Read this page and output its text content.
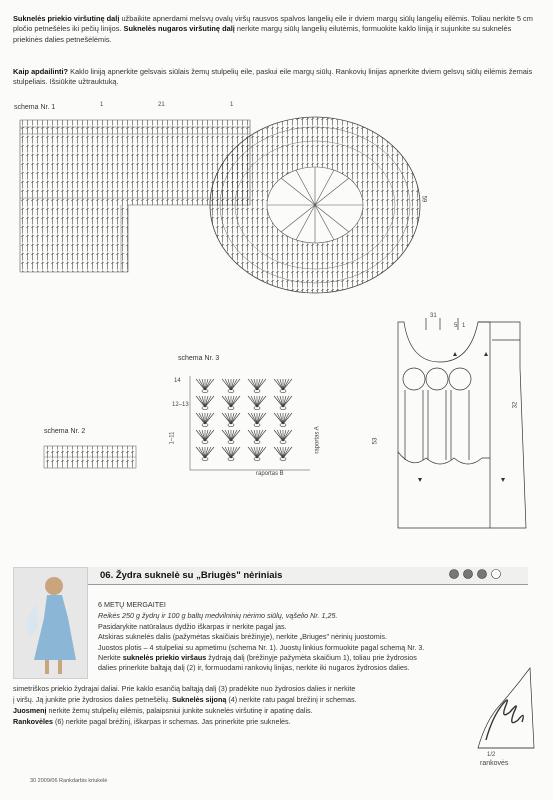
Suknelės priekio viršutinę dalį užbaikite apnerdami melsvų ovalų viršų rausvos spalvos langelių eile ir dviem margų siūlų langelių eilėmis. Toliau nerkite 5 cm pločio petnešėles iki pečių linijos. Suknelės nugaros viršutinę dalį nerkite margų siūlų langelių eilutėmis, formuokite kaklo liniją ir sujunkite su suknelės priekinės dalies petnešėlėmis.
Kaip apdailinti? Kaklo liniją apnerkite gelsvais siūlais žemų stulpelių eile, paskui eile margų siūlų. Rankovių linijas apnerkite dviem gelsvų siūlų eilėmis žemais stulpeliais. Išsiūkite užtrauktuką.
schema Nr. 1	1	21	1
59
schema Nr. 3
14
12–13
1–11	raportas A
raportas B
schema Nr. 2
31
5 1
32
53
06. Žydra suknelė su „Briugès" nėriniais
6 METŲ MERGAITEI
Reikės 250 g žydrų ir 100 g baltų medvilninių nėrimo siūlų, vąšelio Nr. 1,25.
Pasidarykite natūralaus dydžio iškarpas ir nerkite pagal jas.
Atskiras suknelės dalis (pažymėtas skaičiais brėžinyje), nerkite „Briuges" nėrinių juostomis.
Juostos plotis – 4 stulpeliai su apmetimu (schema Nr. 1). Juostų linkius formuokite pagal schemą Nr. 3.
Nerkite suknelės priekio viršaus žydrają dalį (brėžinyje pažymėta skaičium 1), toliau prie žydrosios dalies prinerkite baltąją dalį (2) ir, formuodami rankovių linijas, nerkite iki nugaros žydrosios dalies.
simetriškos priekio žydrajai daliai. Prie kaklo esančią baltąją dalį (3) pradėkite nuo žydrosios dalies ir nerkite
į viršų. Ją junkite prie žydrosios dalies petnešėlių. Suknelės sijoną (4) nerkite ratu pagal brėžinį ir schemas.
Juosmenį nerkite žemų stulpelių eilėmis, palaipsniui junkite suknelės viršutinę ir apatinę dalis.
Rankovėles (6) nerkite pagal brėžinį, iškarpas ir schemas. Jas prinerkite prie suknelės.
1/2
rankovės
30 2009/06 Rankdarbis kriukelė
